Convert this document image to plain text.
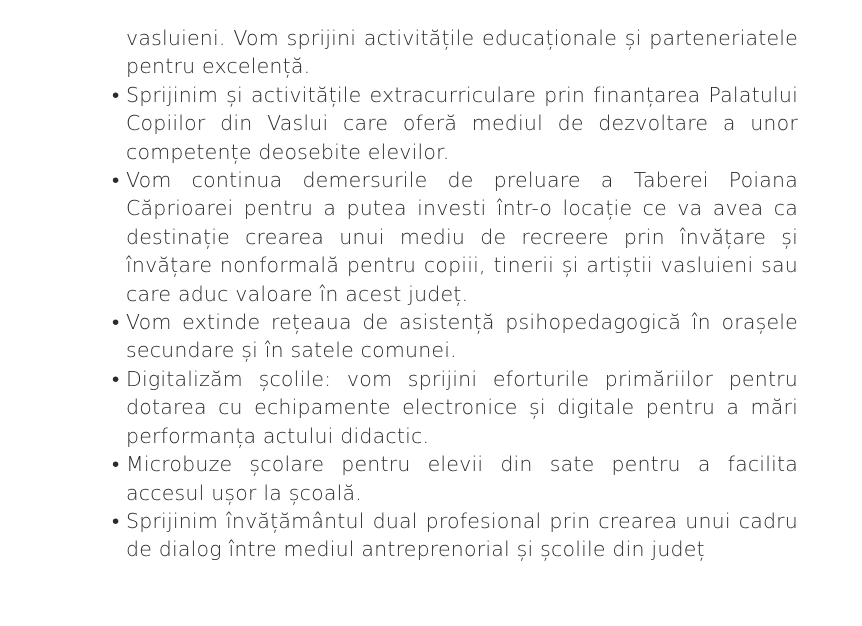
vasluieni. Vom sprijini activitățile educaționale și parteneriatele pentru excelență.

• Sprijinim și activitățile extracurriculare prin finanțarea Palatului Copiilor din Vaslui care oferă mediul de dezvoltare a unor competențe deosebite elevilor.
• Vom continua demersurile de preluare a Taberei Poiana Căprioarei pentru a putea investi într-o locație ce va avea ca destinație crearea unui mediu de recreere prin învățare și învățare nonformală pentru copiii, tinerii și artiștii vasluieni sau care aduc valoare în acest județ.
• Vom extinde rețeaua de asistență psihopedagogică în orașele secundare și în satele comunei.
• Digitalizăm școlile: vom sprijini eforturile primăriilor pentru dotarea cu echipamente electronice și digitale pentru a mări performanța actului didactic.
• Microbuze școlare pentru elevii din sate pentru a facilita accesul ușor la școală.
• Sprijinim învățământul dual profesional prin crearea unui cadru de dialog între mediul antreprenorial și școlile din județ
